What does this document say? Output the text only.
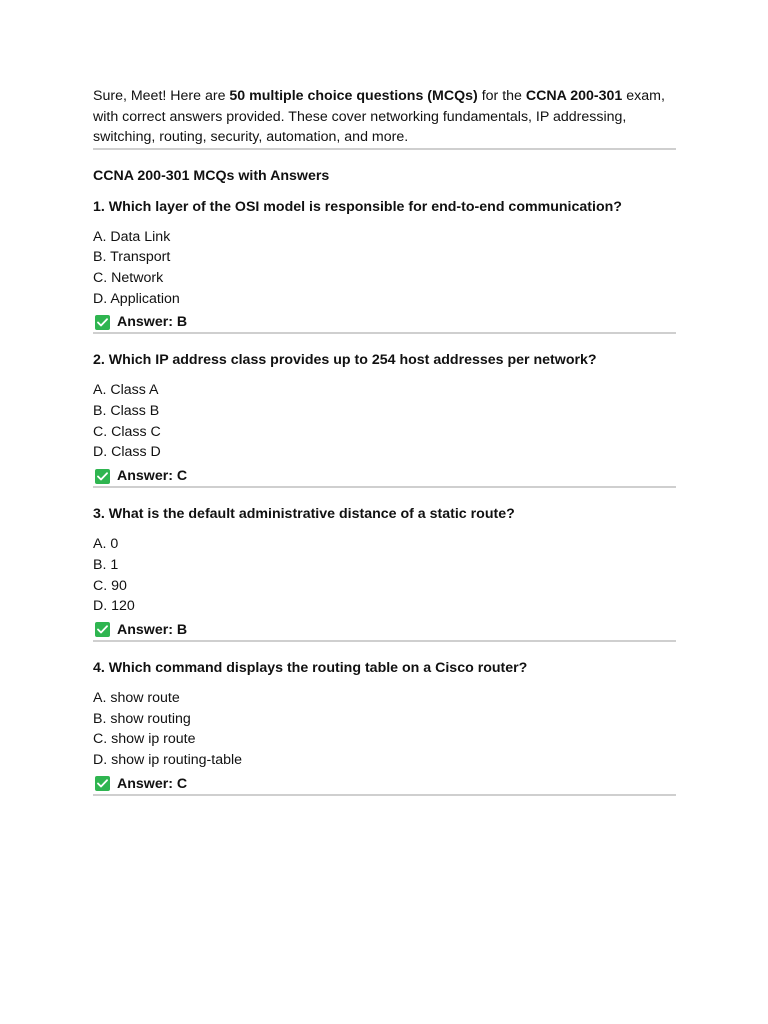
Sure, Meet! Here are 50 multiple choice questions (MCQs) for the CCNA 200-301 exam, with correct answers provided. These cover networking fundamentals, IP addressing, switching, routing, security, automation, and more.

CCNA 200-301 MCQs with Answers
1. Which layer of the OSI model is responsible for end-to-end communication?
A. Data Link
B. Transport
C. Network
D. Application
Answer: B
2. Which IP address class provides up to 254 host addresses per network?
A. Class A
B. Class B
C. Class C
D. Class D
Answer: C
3. What is the default administrative distance of a static route?
A. 0
B. 1
C. 90
D. 120
Answer: B
4. Which command displays the routing table on a Cisco router?
A. show route
B. show routing
C. show ip route
D. show ip routing-table
Answer: C
